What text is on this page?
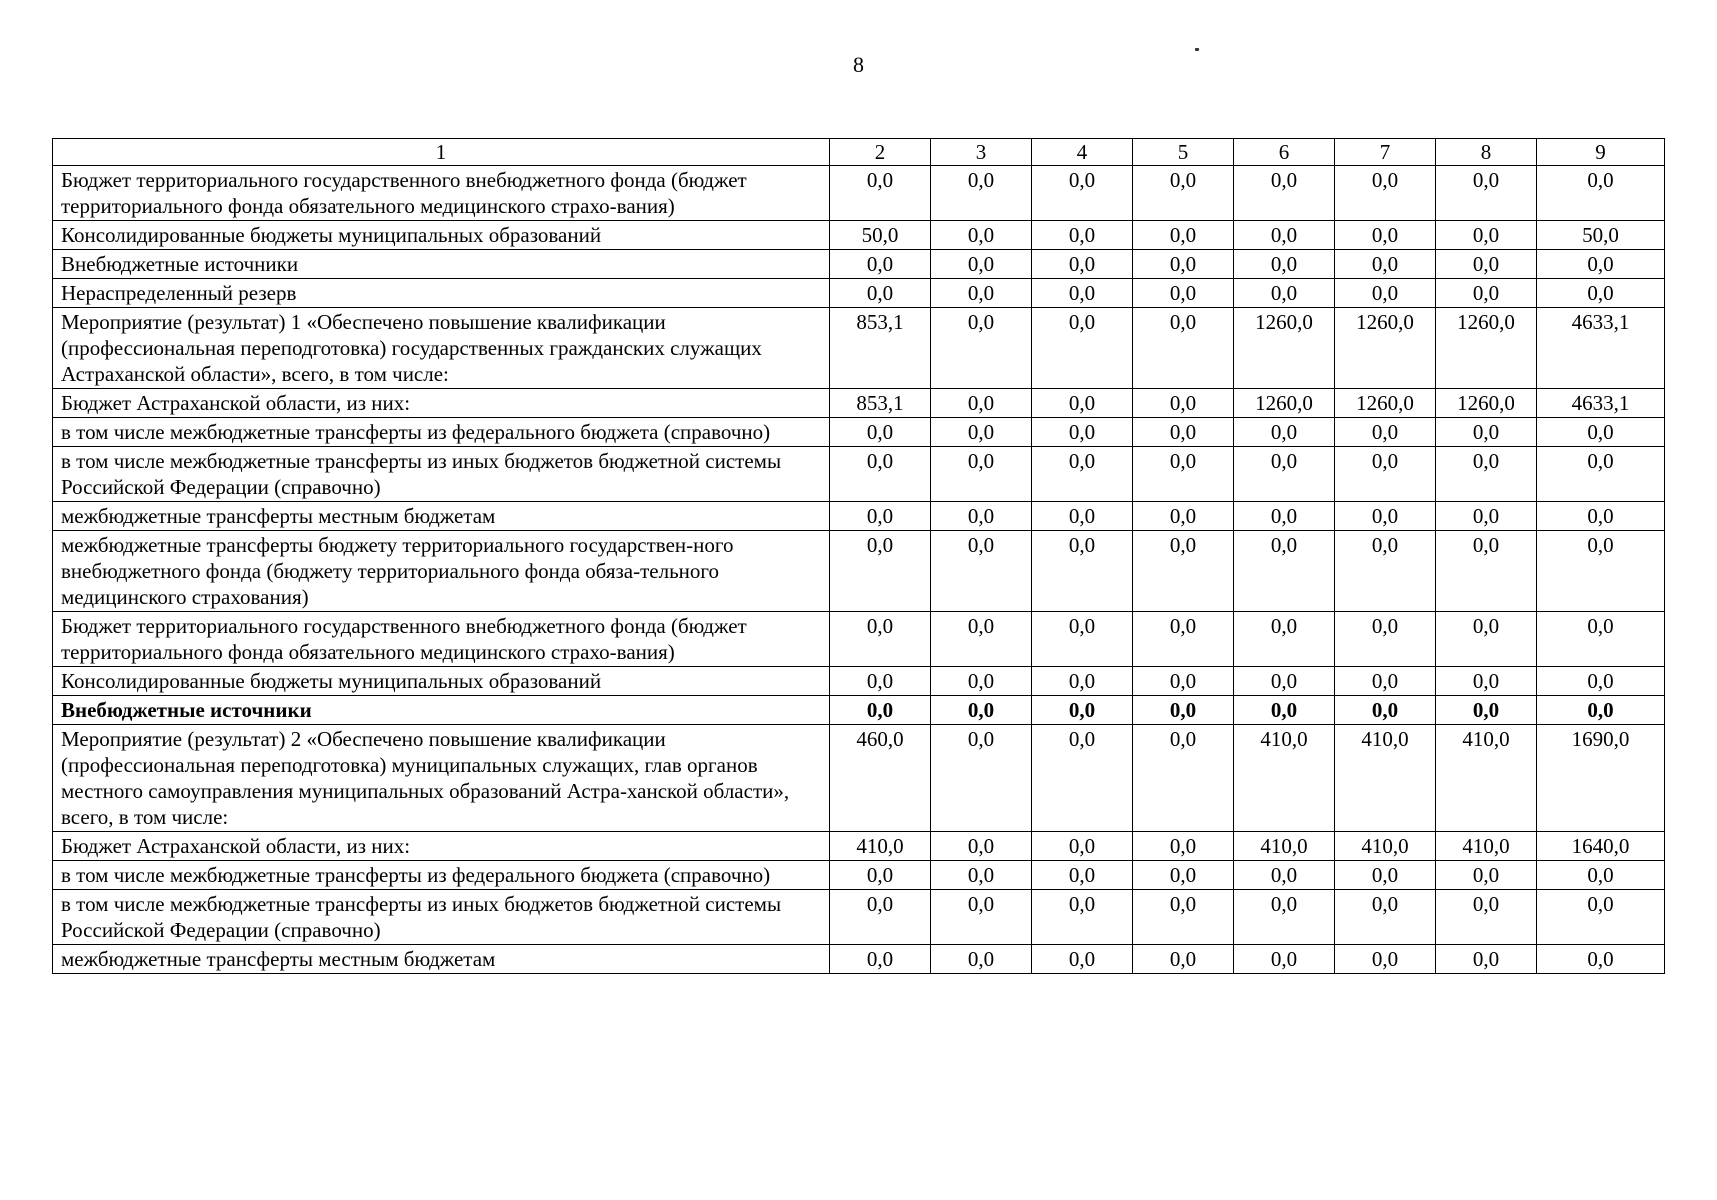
8
1	2	3	4	5	6	7	8	9
Бюджет территориального государственного внебюджетного фонда (бюджет территориального фонда обязательного медицинского страхо-вания)	0,0	0,0	0,0	0,0	0,0	0,0	0,0	0,0
Консолидированные бюджеты муниципальных образований	50,0	0,0	0,0	0,0	0,0	0,0	0,0	50,0
Внебюджетные источники	0,0	0,0	0,0	0,0	0,0	0,0	0,0	0,0
Нераспределенный резерв	0,0	0,0	0,0	0,0	0,0	0,0	0,0	0,0
Мероприятие (результат) 1 «Обеспечено повышение квалификации (профессиональная переподготовка) государственных гражданских служащих Астраханской области», всего, в том числе:	853,1	0,0	0,0	0,0	1260,0	1260,0	1260,0	4633,1
Бюджет Астраханской области, из них:	853,1	0,0	0,0	0,0	1260,0	1260,0	1260,0	4633,1
в том числе межбюджетные трансферты из федерального бюджета (справочно)	0,0	0,0	0,0	0,0	0,0	0,0	0,0	0,0
в том числе межбюджетные трансферты из иных бюджетов бюджетной системы Российской Федерации (справочно)	0,0	0,0	0,0	0,0	0,0	0,0	0,0	0,0
межбюджетные трансферты местным бюджетам	0,0	0,0	0,0	0,0	0,0	0,0	0,0	0,0
межбюджетные трансферты бюджету территориального государствен-ного внебюджетного фонда (бюджету территориального фонда обяза-тельного медицинского страхования)	0,0	0,0	0,0	0,0	0,0	0,0	0,0	0,0
Бюджет территориального государственного внебюджетного фонда (бюджет территориального фонда обязательного медицинского страхо-вания)	0,0	0,0	0,0	0,0	0,0	0,0	0,0	0,0
Консолидированные бюджеты муниципальных образований	0,0	0,0	0,0	0,0	0,0	0,0	0,0	0,0
Внебюджетные источники	0,0	0,0	0,0	0,0	0,0	0,0	0,0	0,0
Мероприятие (результат) 2 «Обеспечено повышение квалификации (профессиональная переподготовка) муниципальных служащих, глав органов местного самоуправления муниципальных образований Астра-ханской области», всего, в том числе:	460,0	0,0	0,0	0,0	410,0	410,0	410,0	1690,0
Бюджет Астраханской области, из них:	410,0	0,0	0,0	0,0	410,0	410,0	410,0	1640,0
в том числе межбюджетные трансферты из федерального бюджета (справочно)	0,0	0,0	0,0	0,0	0,0	0,0	0,0	0,0
в том числе межбюджетные трансферты из иных бюджетов бюджетной системы Российской Федерации (справочно)	0,0	0,0	0,0	0,0	0,0	0,0	0,0	0,0
межбюджетные трансферты местным бюджетам	0,0	0,0	0,0	0,0	0,0	0,0	0,0	0,0
